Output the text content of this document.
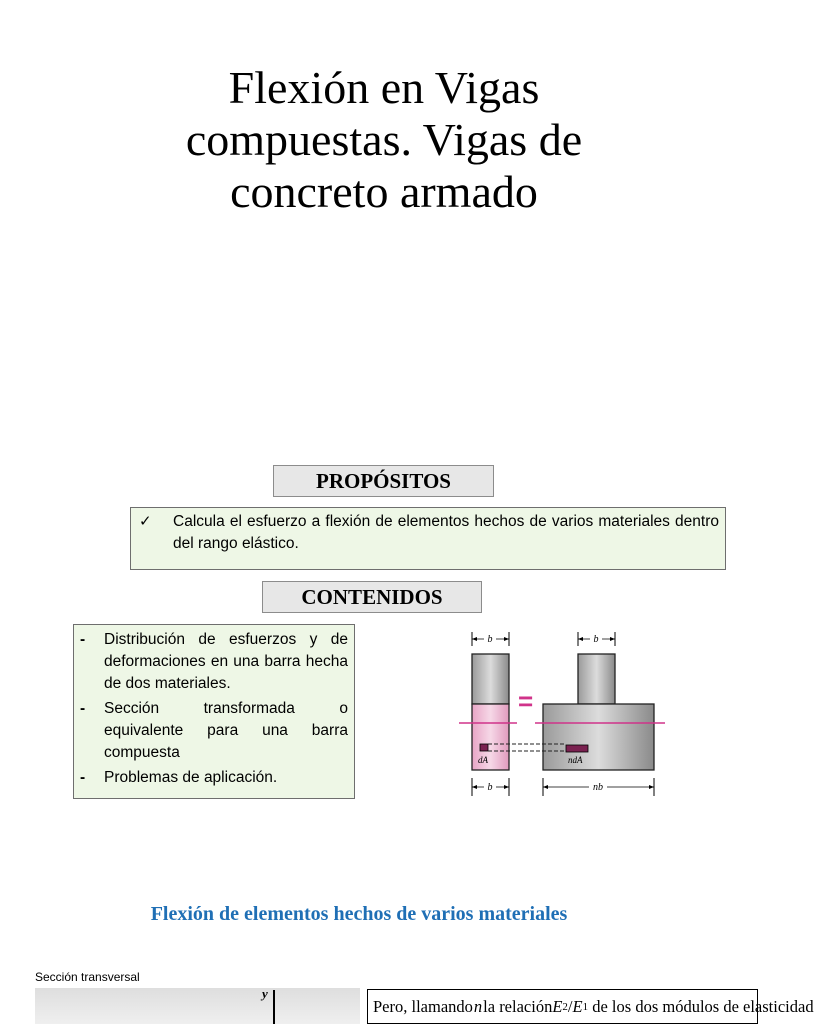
Flexión en Vigas
compuestas. Vigas de
concreto armado
PROPÓSITOS
✓	Calcula el esfuerzo a flexión de elementos hechos de varios materiales dentro del rango elástico.
CONTENIDOS
-	Distribución de esfuerzos y de deformaciones en una barra hecha de dos materiales.
-	Sección transformada o equivalente para una barra compuesta
-	Problemas de aplicación.
b
dA
=
b
ndA
b	nb
Flexión de elementos hechos de varios materiales
Sección transversal
y
Pero, llamando n la relación E 2 / E 1 de los dos módulos de elasticidad
